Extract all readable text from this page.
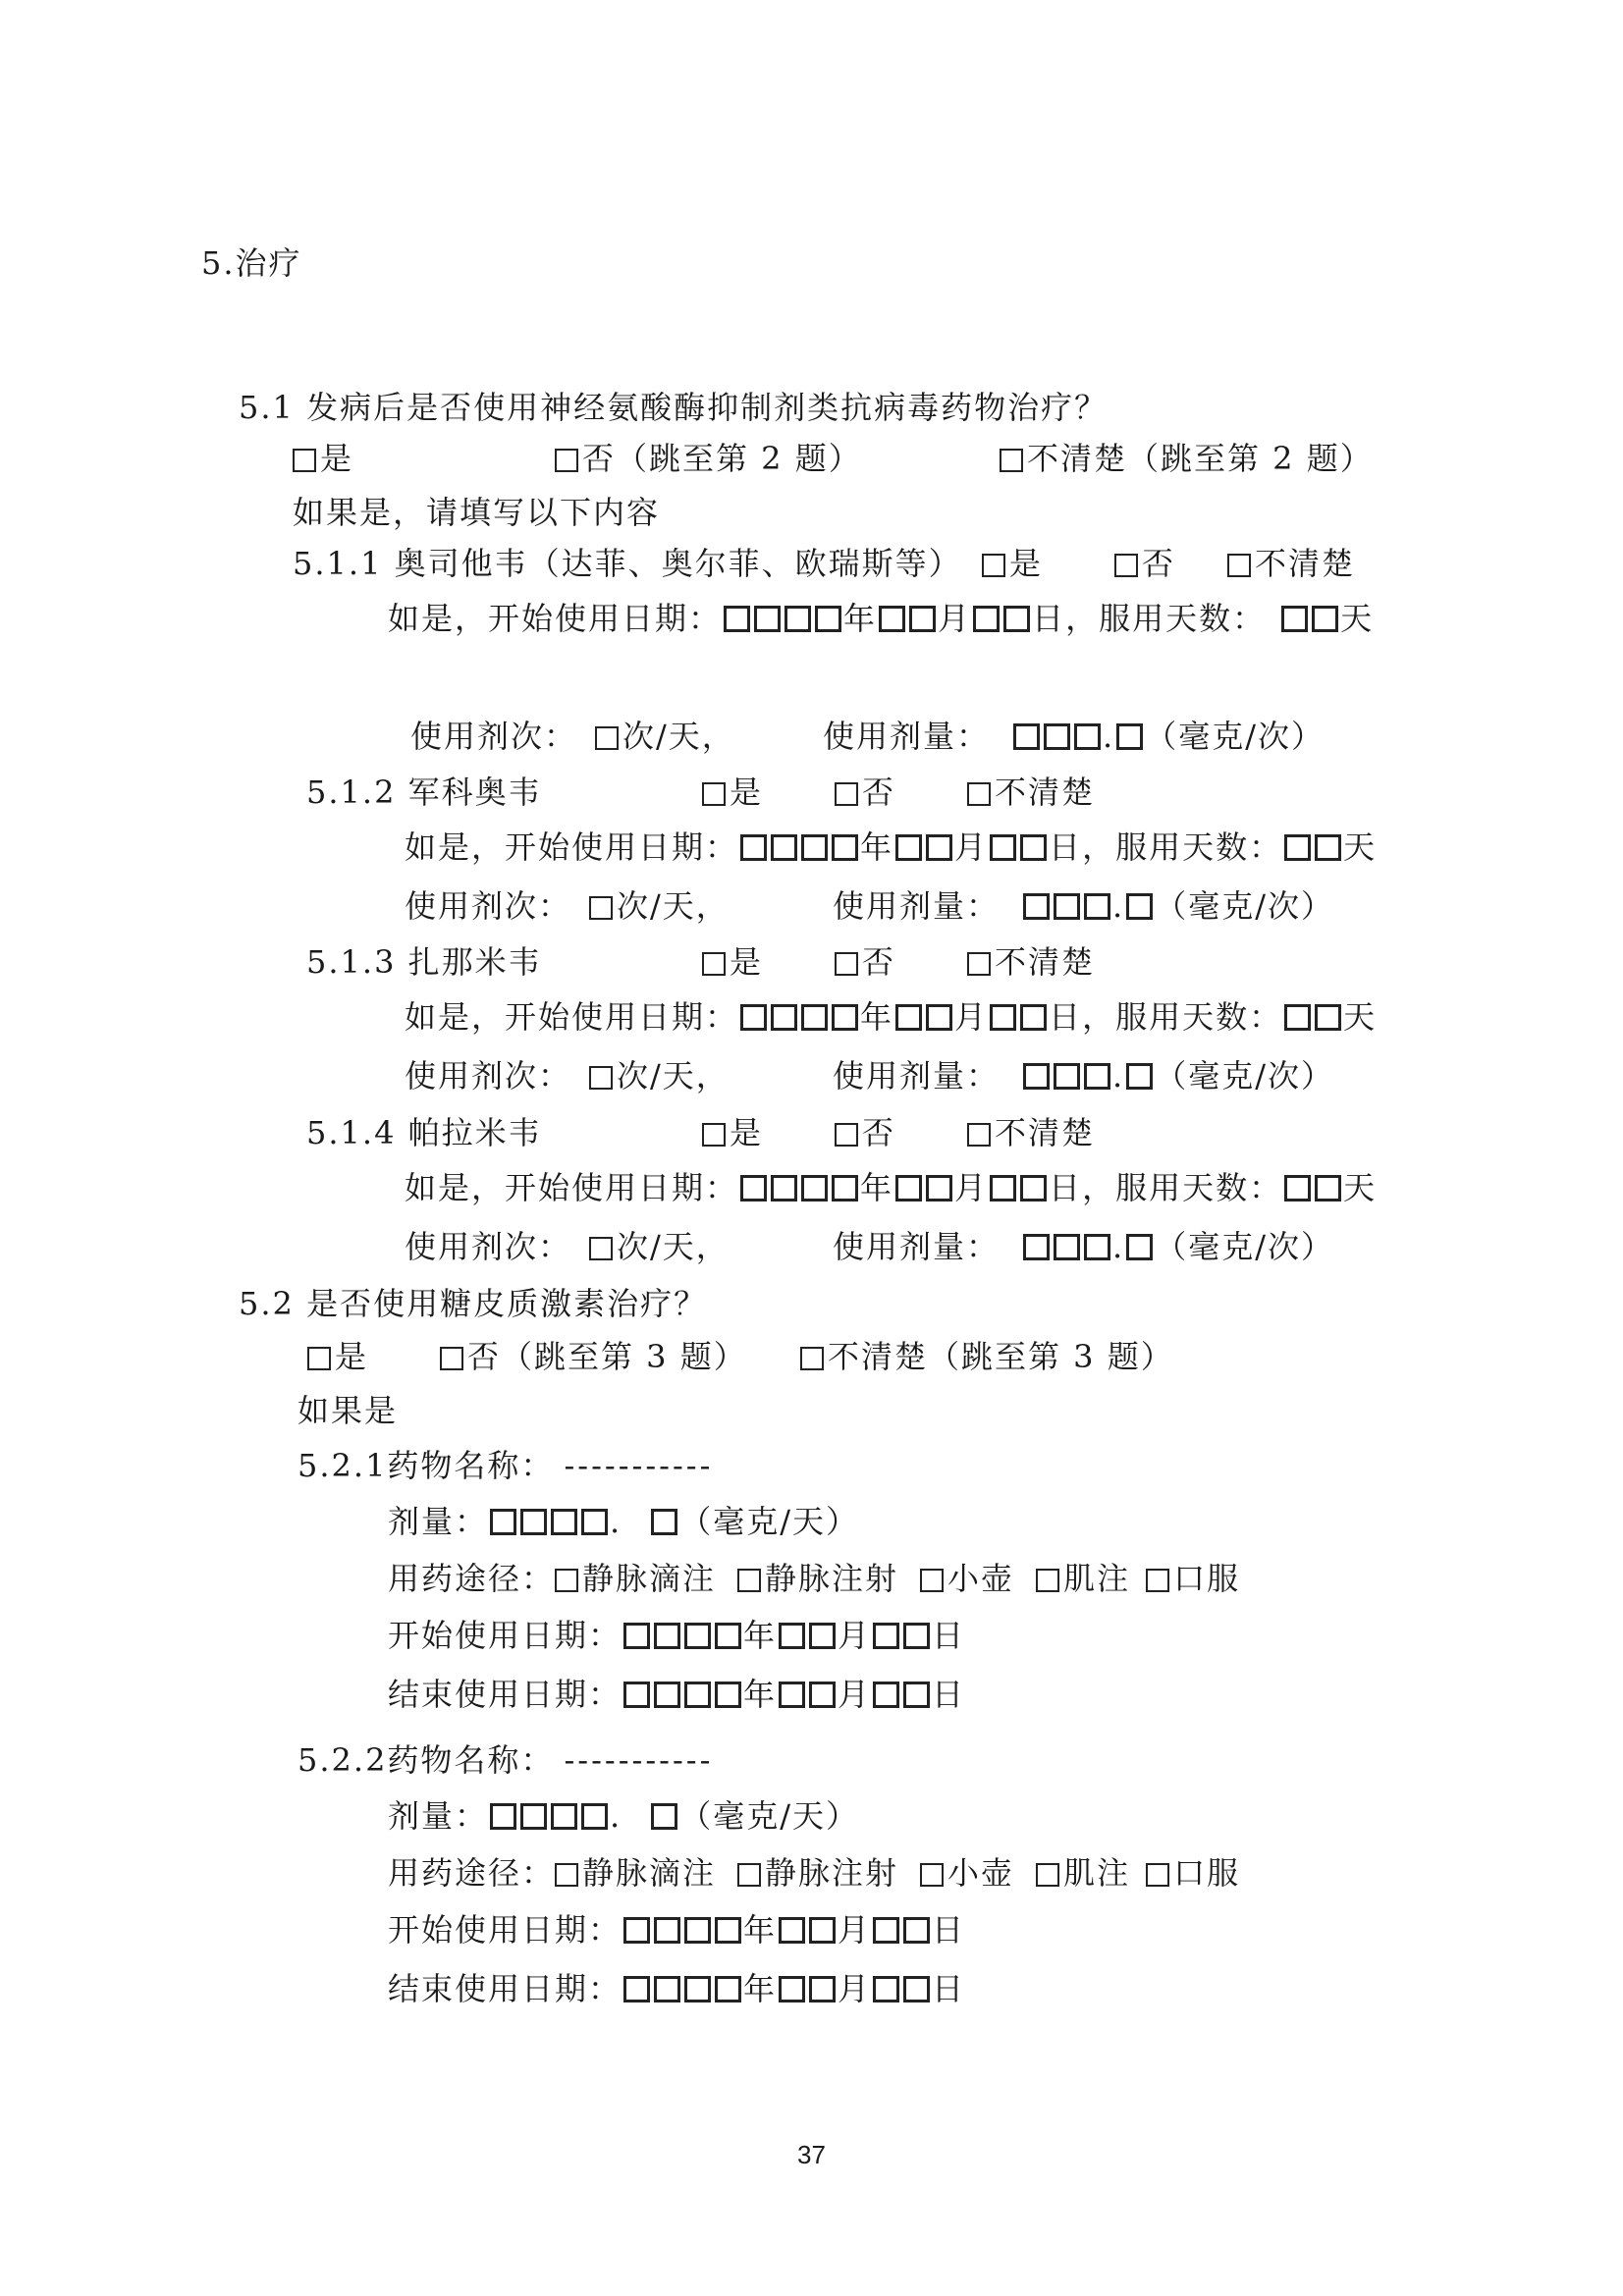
5.治疗
5.1 发病后是否使用神经氨酸酶抑制剂类抗病毒药物治疗？
是	否（跳至第 2 题）	不清楚（跳至第 2 题）
如果是，请填写以下内容
5.1.1 奥司他韦（达菲、奥尔菲、欧瑞斯等）	是	否	不清楚
如是，开始使用日期：	年 月 日，服用天数： 天
使用剂次： 次/天，	使用剂量：	. （毫克/次）
5.1.2 军科奥韦	是	否	不清楚
如是，开始使用日期：	年 月 日，服用天数： 天
使用剂次： 次/天，	使用剂量：	. （毫克/次）
5.1.3 扎那米韦	是	否	不清楚
如是，开始使用日期：	年 月 日，服用天数： 天
使用剂次： 次/天，	使用剂量：	. （毫克/次）
5.1.4 帕拉米韦	是	否	不清楚
如是，开始使用日期：	年 月 日，服用天数： 天
使用剂次： 次/天，	使用剂量：	. （毫克/次）
5.2 是否使用糖皮质激素治疗？
是	否（跳至第 3 题）	不清楚（跳至第 3 题）
如果是
5.2.1药物名称： -----------
剂量：	. （毫克/天）
用药途径： 静脉滴注 静脉注射 小壶 肌注 口服
开始使用日期：	年 月 日
结束使用日期：	年 月 日
5.2.2药物名称： -----------
剂量：	. （毫克/天）
用药途径： 静脉滴注 静脉注射 小壶 肌注 口服
开始使用日期：	年 月 日
结束使用日期：	年 月 日
37
